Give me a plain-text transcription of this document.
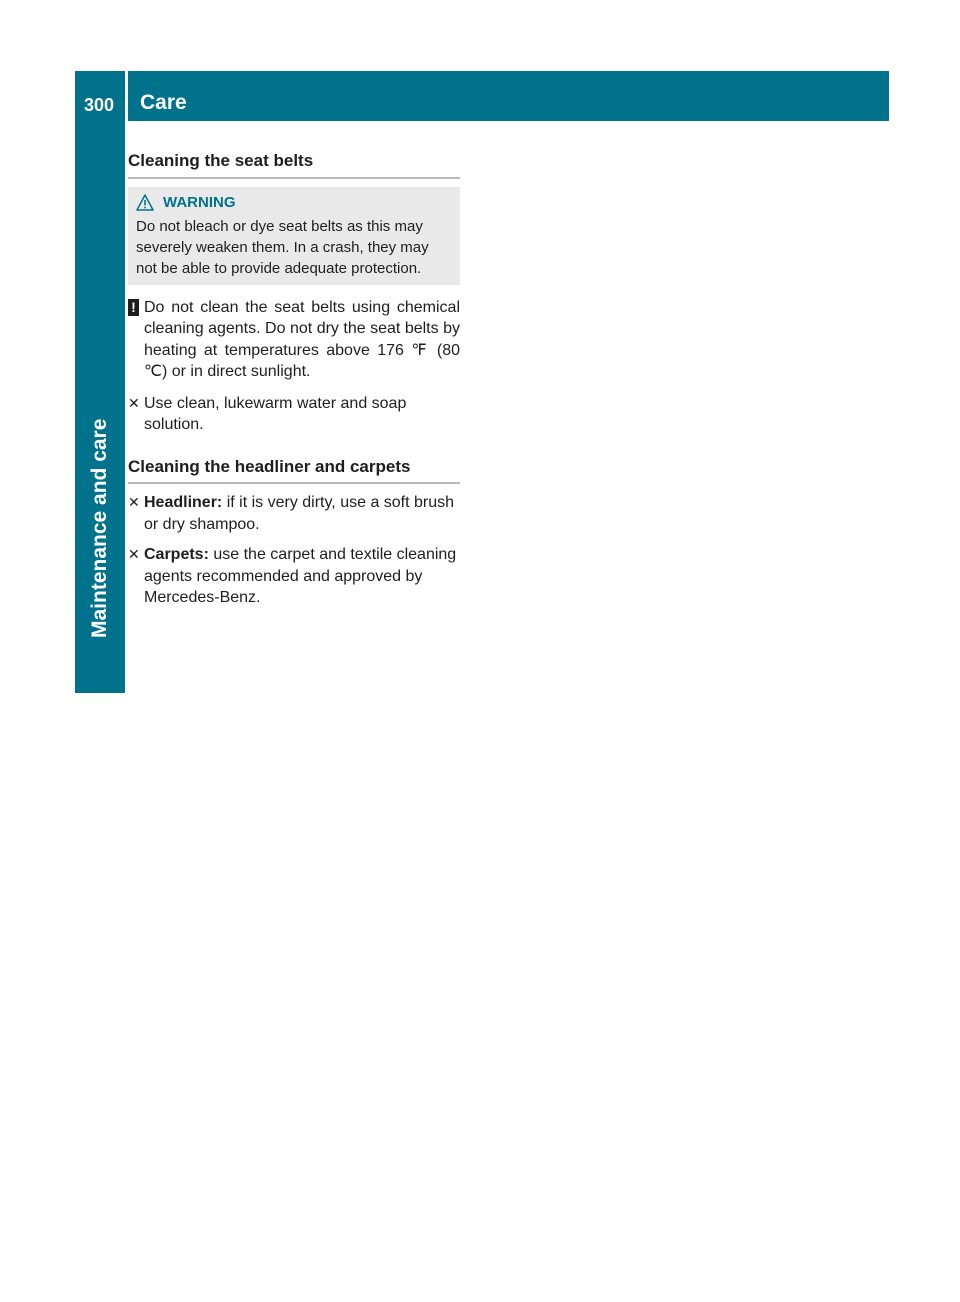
300 Care
Maintenance and care
Cleaning the seat belts
WARNING
Do not bleach or dye seat belts as this may severely weaken them. In a crash, they may not be able to provide adequate protection.
! Do not clean the seat belts using chemical cleaning agents. Do not dry the seat belts by heating at temperatures above 176 ℉ (80 ℃) or in direct sunlight.
✕ Use clean, lukewarm water and soap solution.
Cleaning the headliner and carpets
✕ Headliner: if it is very dirty, use a soft brush or dry shampoo.
✕ Carpets: use the carpet and textile cleaning agents recommended and approved by Mercedes-Benz.
